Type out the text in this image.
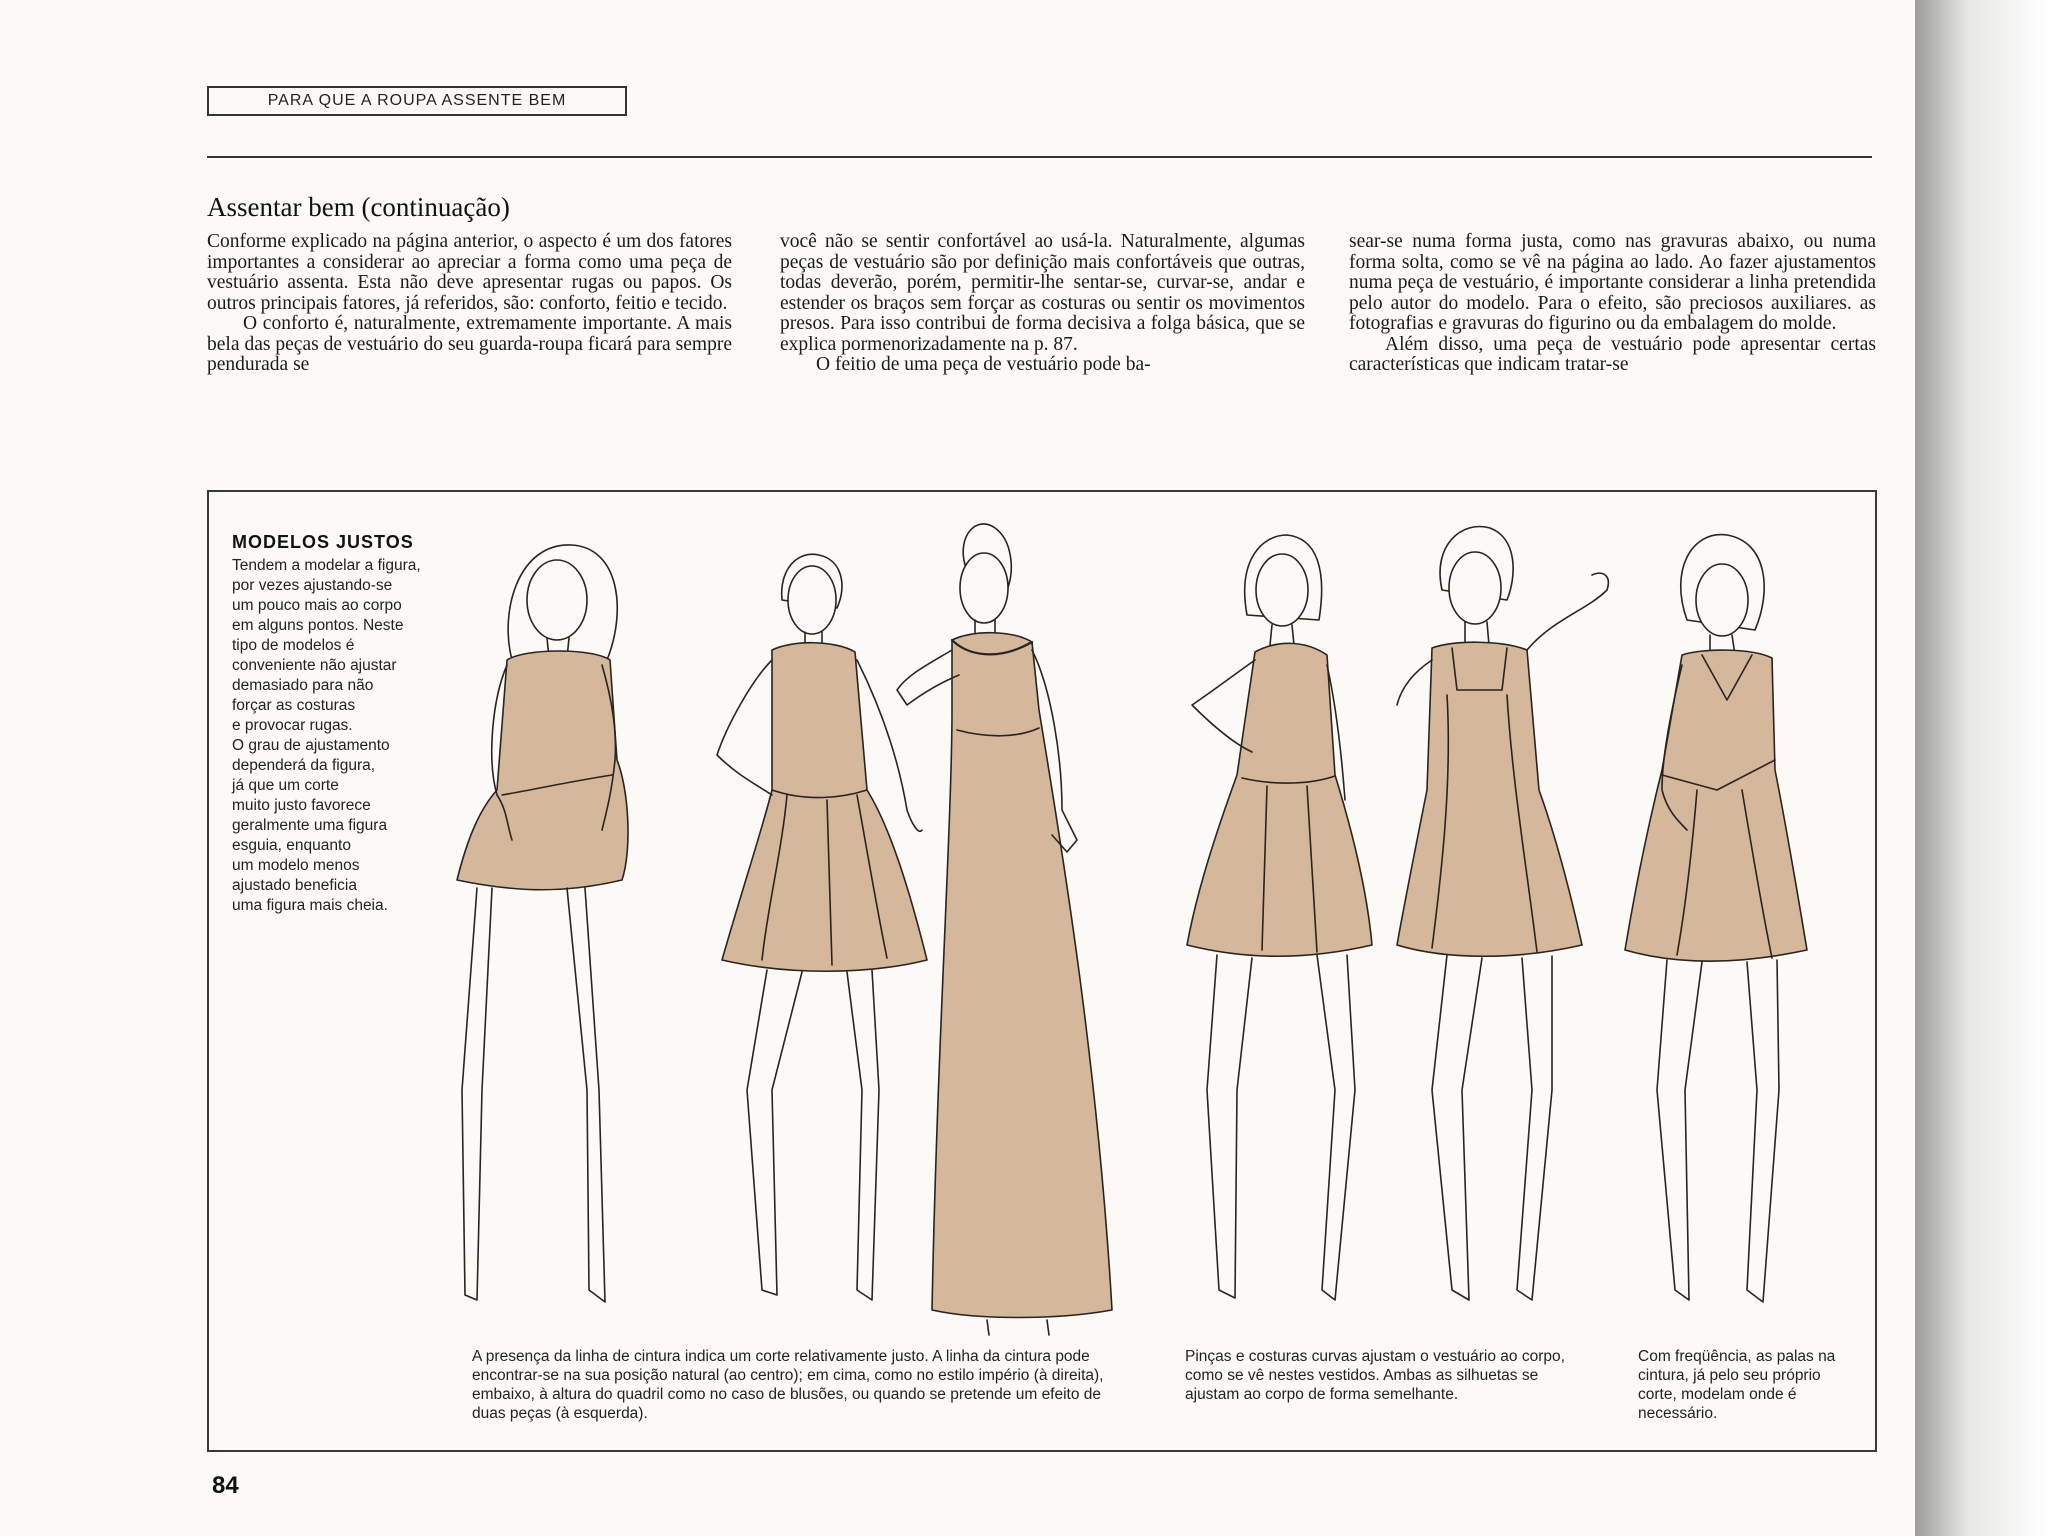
PARA QUE A ROUPA ASSENTE BEM
Assentar bem (continuação)

Conforme explicado na página anterior, o aspecto é um dos fatores importantes a considerar ao apreciar a forma como uma peça de vestuário assenta. Esta não deve apresentar rugas ou papos. Os outros principais fatores, já referidos, são: conforto, feitio e tecido.

O conforto é, naturalmente, extremamente importante. A mais bela das peças de vestuário do seu guarda-roupa ficará para sempre pendurada se

você não se sentir confortável ao usá-la. Naturalmente, algumas peças de vestuário são por definição mais confortáveis que outras, todas deverão, porém, permitir-lhe sentar-se, curvar-se, andar e estender os braços sem forçar as costuras ou sentir os movimentos presos. Para isso contribui de forma decisiva a folga básica, que se explica pormenorizadamente na p. 87.

O feitio de uma peça de vestuário pode ba-

sear-se numa forma justa, como nas gravuras abaixo, ou numa forma solta, como se vê na página ao lado. Ao fazer ajustamentos numa peça de vestuário, é importante considerar a linha pretendida pelo autor do modelo. Para o efeito, são preciosos auxiliares. as fotografias e gravuras do figurino ou da embalagem do molde.

Além disso, uma peça de vestuário pode apresentar certas características que indicam tratar-se

MODELOS JUSTOS
Tendem a modelar a figura,
por vezes ajustando-se
um pouco mais ao corpo
em alguns pontos. Neste
tipo de modelos é
conveniente não ajustar
demasiado para não
forçar as costuras
e provocar rugas.
O grau de ajustamento
dependerá da figura,
já que um corte
muito justo favorece
geralmente uma figura
esguia, enquanto
um modelo menos
ajustado beneficia
uma figura mais cheia.
A presença da linha de cintura indica um corte relativamente justo. A linha da cintura pode encontrar-se na sua posição natural (ao centro); em cima, como no estilo império (à direita), embaixo, à altura do quadril como no caso de blusões, ou quando se pretende um efeito de duas peças (à esquerda).
Pinças e costuras curvas ajustam o vestuário ao corpo, como se vê nestes vestidos. Ambas as silhuetas se ajustam ao corpo de forma semelhante.
Com freqüência, as palas na cintura, já pelo seu próprio corte, modelam onde é necessário.
84
